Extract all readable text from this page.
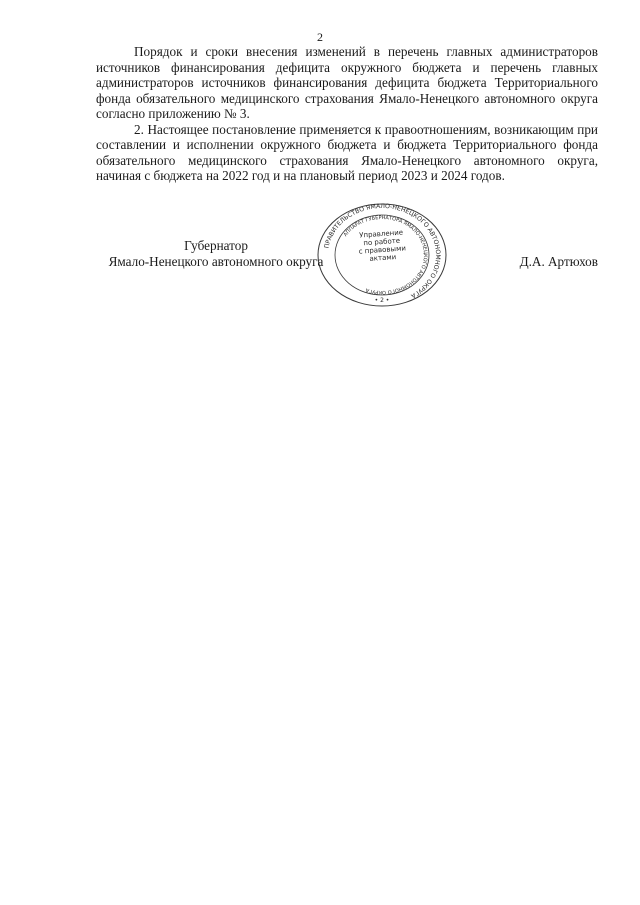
2

Порядок и сроки внесения изменений в перечень главных администраторов источников финансирования дефицита окружного бюджета и перечень главных администраторов источников финансирования дефицита бюджета Территориального фонда обязательного медицинского страхования Ямало-Ненецкого автономного округа согласно приложению № 3.

2. Настоящее постановление применяется к правоотношениям, возникающим при составлении и исполнении окружного бюджета и бюджета Территориального фонда обязательного медицинского страхования Ямало-Ненецкого автономного округа, начиная с бюджета на 2022 год и на плановый период 2023 и 2024 годов.

ПРАВИТЕЛЬСТВО ЯМАЛО-НЕНЕЦКОГО АВТОНОМНОГО ОКРУГА
АППАРАТ ГУБЕРНАТОРА ЯМАЛО-НЕНЕЦКОГО АВТОНОМНОГО ОКРУГА
• 2 •
Управление
по работе
с правовыми
актами
Губернатор
Ямало-Ненецкого автономного округа	Д.А. Артюхов
